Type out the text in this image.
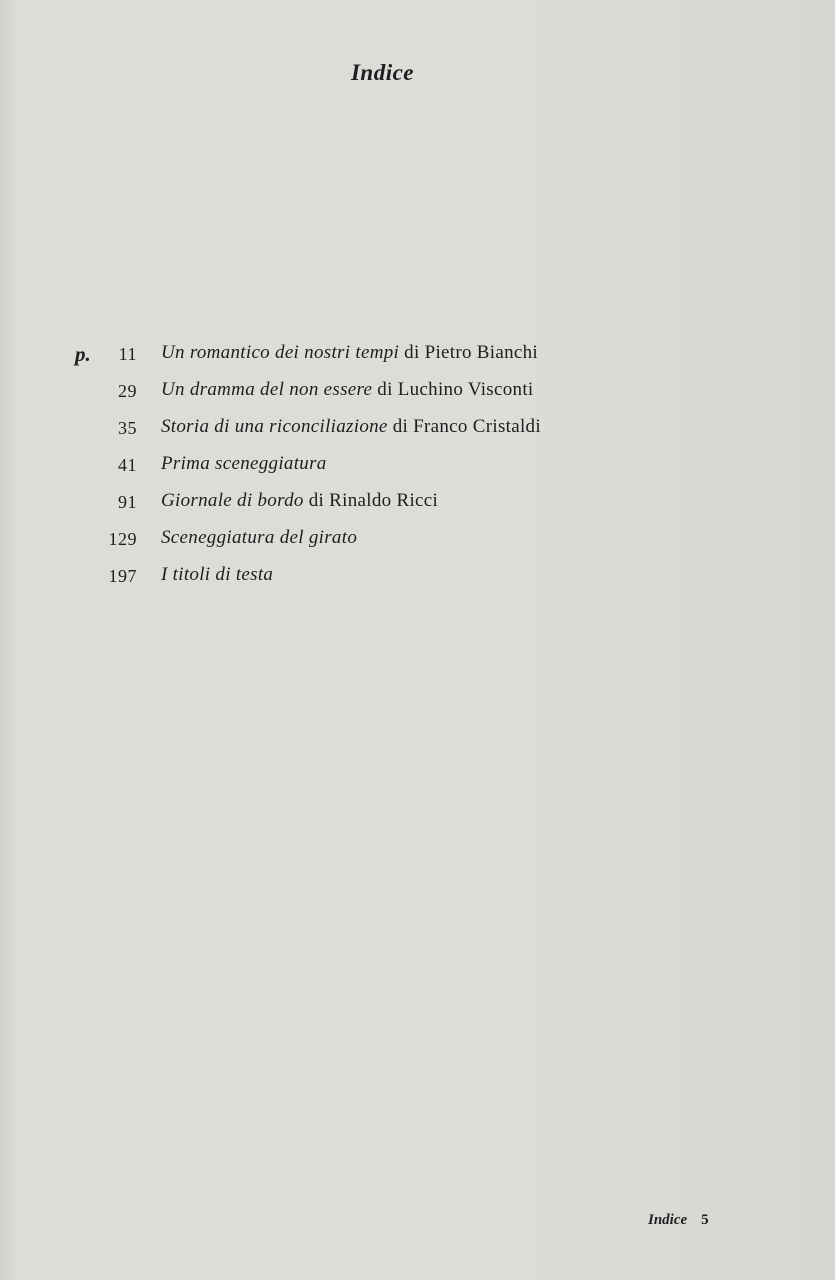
Indice
p.	11 Un romantico dei nostri tempi di Pietro Bianchi
29 Un dramma del non essere di Luchino Visconti
35 Storia di una riconciliazione di Franco Cristaldi
41 Prima sceneggiatura
91 Giornale di bordo di Rinaldo Ricci
129 Sceneggiatura del girato
197 I titoli di testa
Indice 5
